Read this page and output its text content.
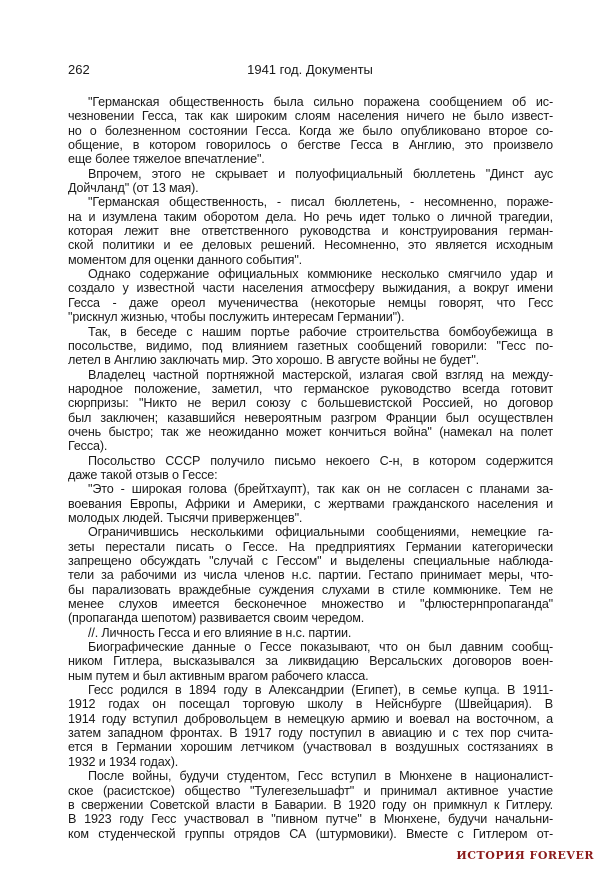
262	1941 год. Документы
"Германская общественность была сильно поражена сообщением об ис-
чезновении Гесса, так как широким слоям населения ничего не было извест-
но о болезненном состоянии Гесса. Когда же было опубликовано второе со-
общение, в котором говорилось о бегстве Гесса в Англию, это произвело
еще более тяжелое впечатление".
Впрочем, этого не скрывает и полуофициальный бюллетень "Динст аус
Дойчланд" (от 13 мая).
"Германская общественность, - писал бюллетень, - несомненно, пораже-
на и изумлена таким оборотом дела. Но речь идет только о личной трагедии,
которая лежит вне ответственного руководства и конструирования герман-
ской политики и ее деловых решений. Несомненно, это является исходным
моментом для оценки данного события".
Однако содержание официальных коммюнике несколько смягчило удар и
создало у известной части населения атмосферу выжидания, а вокруг имени
Гесса - даже ореол мученичества (некоторые немцы говорят, что Гесс
"рискнул жизнью, чтобы послужить интересам Германии").
Так, в беседе с нашим портье рабочие строительства бомбоубежища в
посольстве, видимо, под влиянием газетных сообщений говорили: "Гесс по-
летел в Англию заключать мир. Это хорошо. В августе войны не будет".
Владелец частной портняжной мастерской, излагая свой взгляд на между-
народное положение, заметил, что германское руководство всегда готовит
сюрпризы: "Никто не верил союзу с большевистской Россией, но договор
был заключен; казавшийся невероятным разгром Франции был осуществлен
очень быстро; так же неожиданно может кончиться война" (намекал на полет
Гесса).
Посольство СССР получило письмо некоего С-н, в котором содержится
даже такой отзыв о Гессе:
"Это - широкая голова (брейтхаупт), так как он не согласен с планами за-
воевания Европы, Африки и Америки, с жертвами гражданского населения и
молодых людей. Тысячи приверженцев".
Ограничившись несколькими официальными сообщениями, немецкие га-
зеты перестали писать о Гессе. На предприятиях Германии категорически
запрещено обсуждать "случай с Гессом" и выделены специальные наблюда-
тели за рабочими из числа членов н.с. партии. Гестапо принимает меры, что-
бы парализовать враждебные суждения слухами в стиле коммюнике. Тем не
менее слухов имеется бесконечное множество и "флюстернпропаганда"
(пропаганда шепотом) развивается своим чередом.
//. Личность Гесса и его влияние в н.с. партии.
Биографические данные о Гессе показывают, что он был давним сообщ-
ником Гитлера, высказывался за ликвидацию Версальских договоров воен-
ным путем и был активным врагом рабочего класса.
Гесс родился в 1894 году в Александрии (Египет), в семье купца. В 1911-
1912 годах он посещал торговую школу в Нейснбурге (Швейцария). В
1914 году вступил добровольцем в немецкую армию и воевал на восточном, а
затем западном фронтах. В 1917 году поступил в авиацию и с тех пор счита-
ется в Германии хорошим летчиком (участвовал в воздушных состязаниях в
1932 и 1934 годах).
После войны, будучи студентом, Гесс вступил в Мюнхене в националист-
ское (расистское) общество "Тулегезельшафт" и принимал активное участие
в свержении Советской власти в Баварии. В 1920 году он примкнул к Гитлеру.
В 1923 году Гесс участвовал в "пивном путче" в Мюнхене, будучи начальни-
ком студенческой группы отрядов СА (штурмовики). Вместе с Гитлером от-
ИСТОРИЯ FOREVER
